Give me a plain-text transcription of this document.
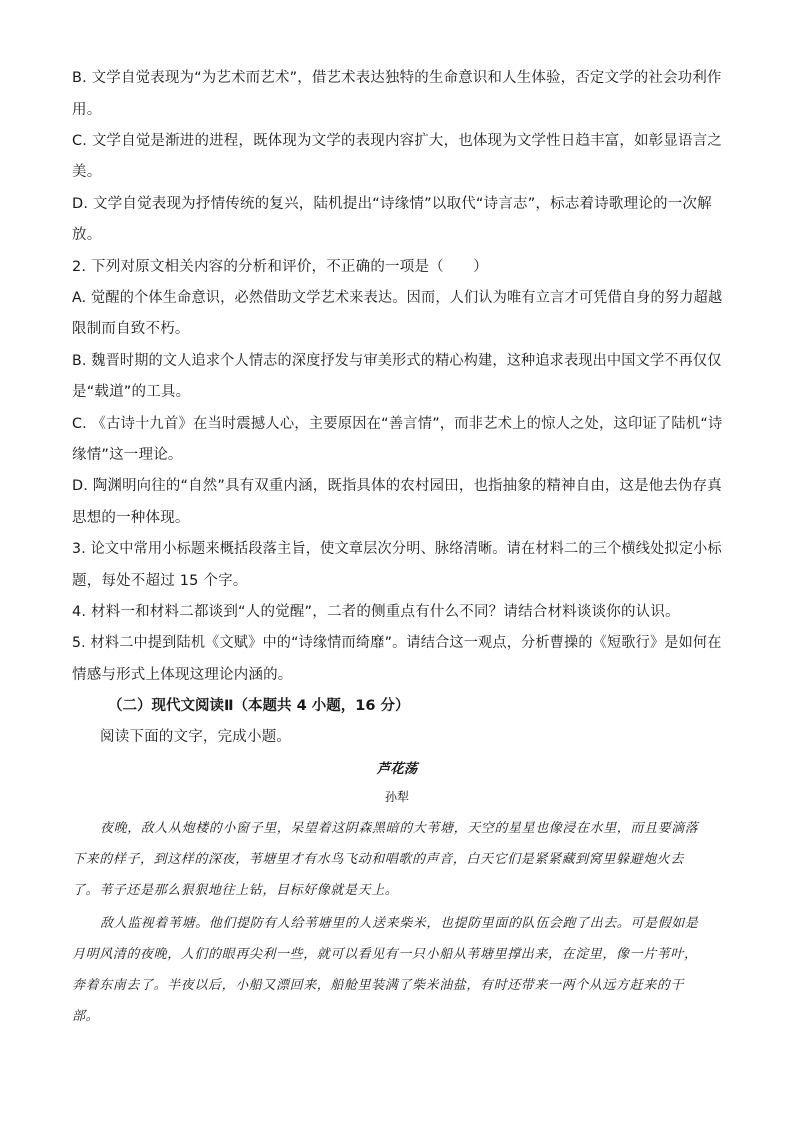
B. 文学自觉表现为“为艺术而艺术”，借艺术表达独特的生命意识和人生体验，否定文学的社会功利作
用。
C. 文学自觉是渐进的进程，既体现为文学的表现内容扩大，也体现为文学性日趋丰富，如彰显语言之
美。
D. 文学自觉表现为抒情传统的复兴，陆机提出“诗缘情”以取代“诗言志”，标志着诗歌理论的一次解
放。
2. 下列对原文相关内容的分析和评价，不正确的一项是（　　）
A. 觉醒的个体生命意识，必然借助文学艺术来表达。因而，人们认为唯有立言才可凭借自身的努力超越
限制而自致不朽。
B. 魏晋时期的文人追求个人情志的深度抒发与审美形式的精心构建，这种追求表现出中国文学不再仅仅
是“载道”的工具。
C. 《古诗十九首》在当时震撼人心，主要原因在“善言情”，而非艺术上的惊人之处，这印证了陆机“诗
缘情”这一理论。
D. 陶渊明向往的“自然”具有双重内涵，既指具体的农村园田，也指抽象的精神自由，这是他去伪存真
思想的一种体现。
3. 论文中常用小标题来概括段落主旨，使文章层次分明、脉络清晰。请在材料二的三个横线处拟定小标
题，每处不超过 15 个字。
4. 材料一和材料二都谈到“人的觉醒”，二者的侧重点有什么不同？请结合材料谈谈你的认识。
5. 材料二中提到陆机《文赋》中的“诗缘情而绮靡”。请结合这一观点，分析曹操的《短歌行》是如何在
情感与形式上体现这理论内涵的。
（二）现代文阅读Ⅱ（本题共 4 小题，16 分）
阅读下面的文字，完成小题。
芦花荡
孙犁
夜晚，敌人从炮楼的小窗子里，呆望着这阴森黑暗的大苇塘，天空的星星也像浸在水里，而且要滴落
下来的样子，到这样的深夜，苇塘里才有水鸟飞动和唱歌的声音，白天它们是紧紧藏到窝里躲避炮火去
了。苇子还是那么狠狠地往上钻，目标好像就是天上。
敌人监视着苇塘。他们提防有人给苇塘里的人送来柴米，也提防里面的队伍会跑了出去。可是假如是
月明风清的夜晚，人们的眼再尖利一些，就可以看见有一只小船从苇塘里撑出来，在淀里，像一片苇叶，
奔着东南去了。半夜以后，小船又漂回来，船舱里装满了柴米油盐，有时还带来一两个从远方赶来的干
部。
